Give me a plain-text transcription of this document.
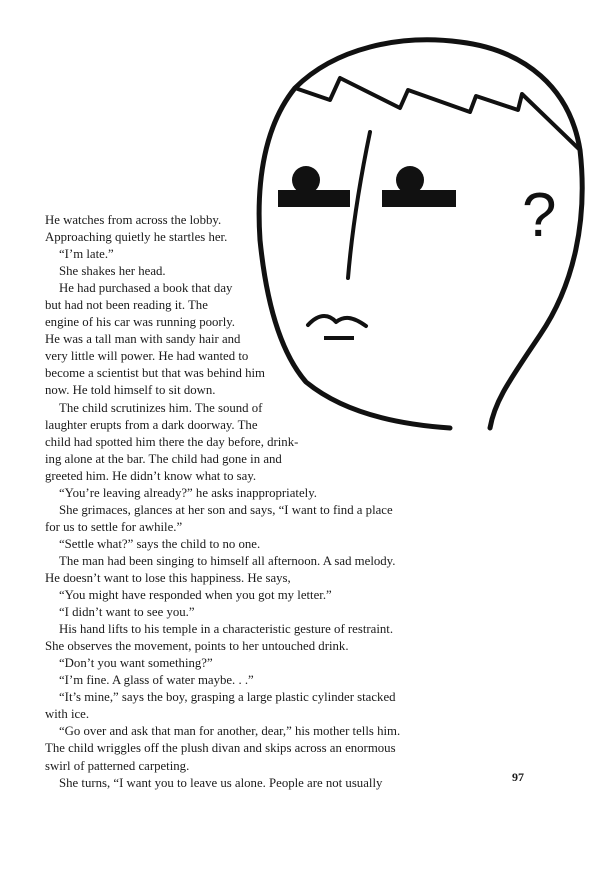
?
He watches from across the lobby.
Approaching quietly he startles her.
“I’m late.”
She shakes her head.
He had purchased a book that day
but had not been reading it. The
engine of his car was running poorly.
He was a tall man with sandy hair and
very little will power. He had wanted to
become a scientist but that was behind him
now. He told himself to sit down.
The child scrutinizes him. The sound of
laughter erupts from a dark doorway. The
child had spotted him there the day before, drink-
ing alone at the bar. The child had gone in and
greeted him. He didn’t know what to say.
“You’re leaving already?” he asks inappropriately.
She grimaces, glances at her son and says, “I want to find a place
for us to settle for awhile.”
“Settle what?” says the child to no one.
The man had been singing to himself all afternoon. A sad melody.
He doesn’t want to lose this happiness. He says,
“You might have responded when you got my letter.”
“I didn’t want to see you.”
His hand lifts to his temple in a characteristic gesture of restraint.
She observes the movement, points to her untouched drink.
“Don’t you want something?”
“I’m fine. A glass of water maybe. . .”
“It’s mine,” says the boy, grasping a large plastic cylinder stacked
with ice.
“Go over and ask that man for another, dear,” his mother tells him.
The child wriggles off the plush divan and skips across an enormous
swirl of patterned carpeting.
She turns, “I want you to leave us alone. People are not usually	97
